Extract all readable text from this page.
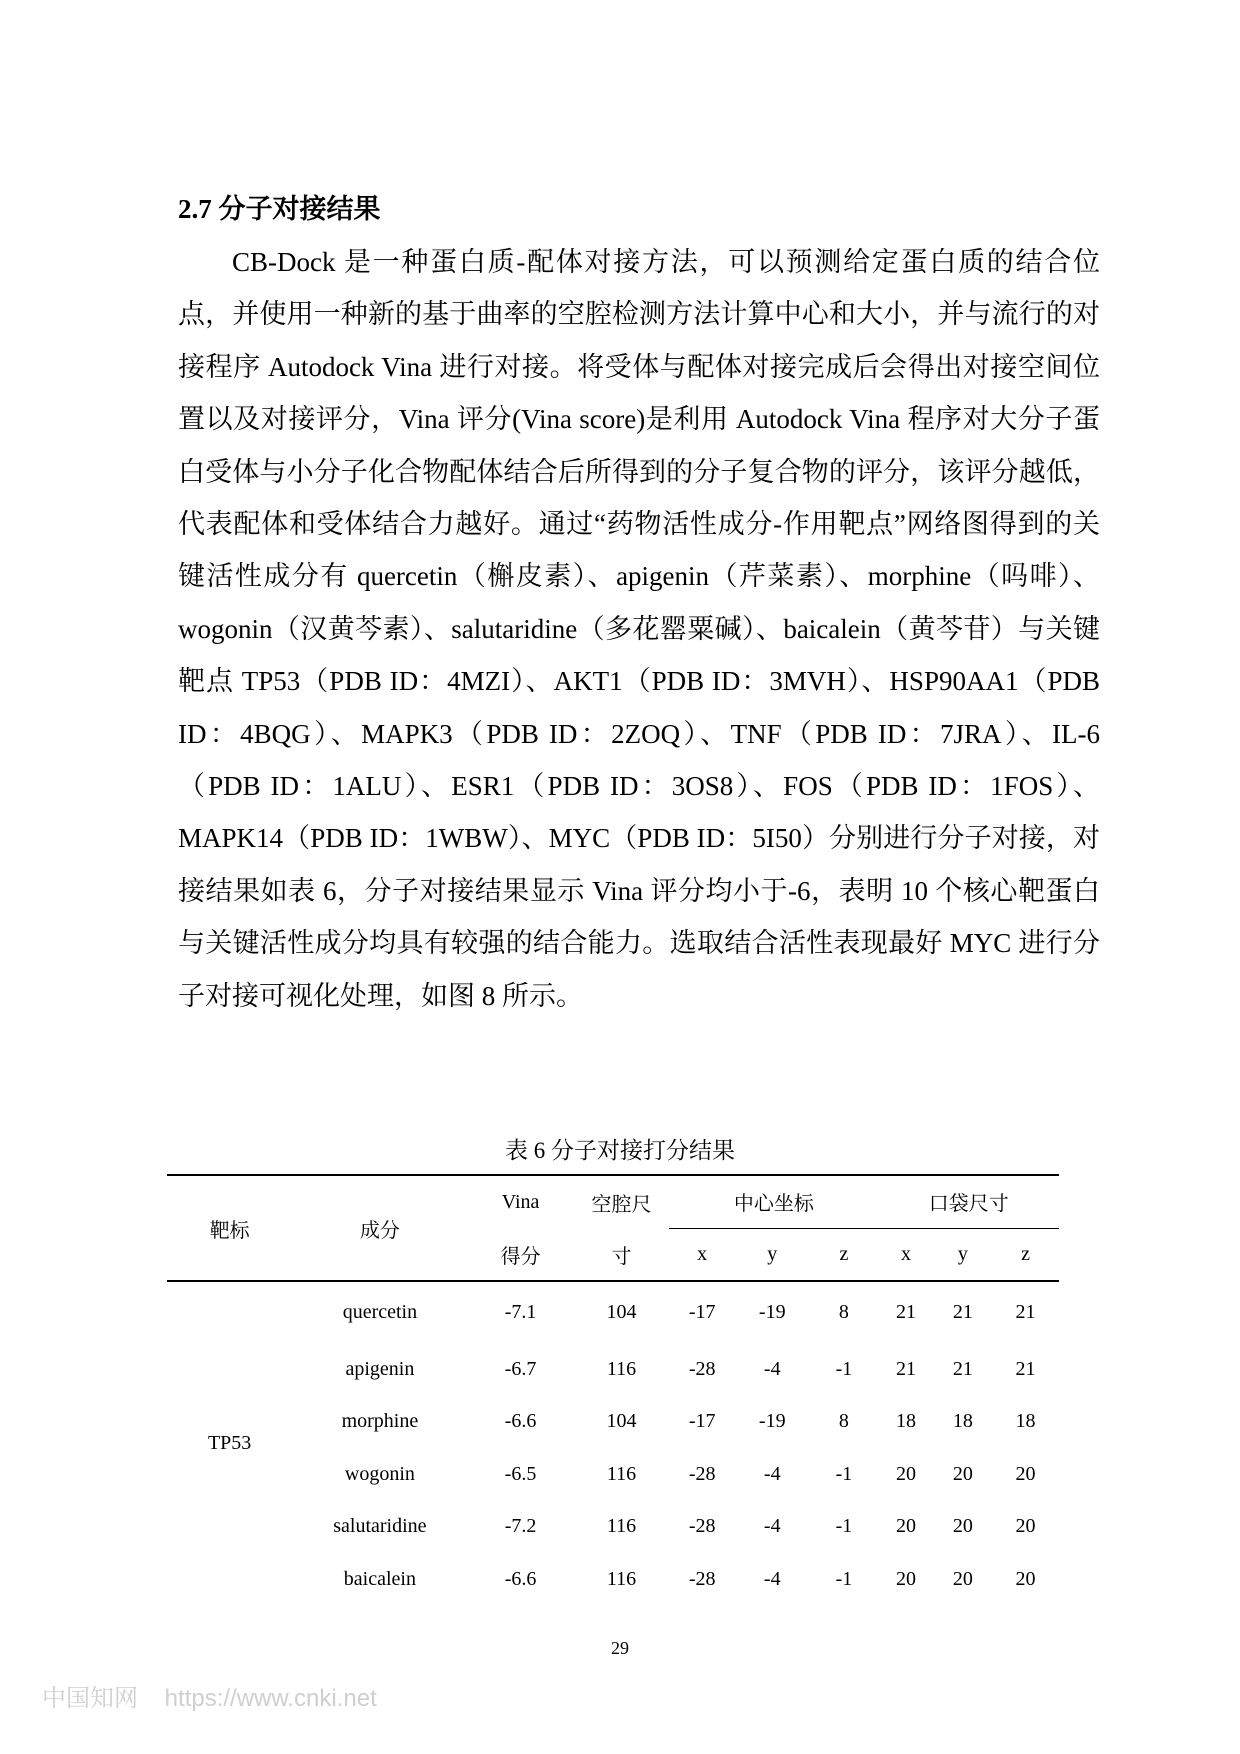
2.7 分子对接结果

CB-Dock 是一种蛋白质-配体对接方法，可以预测给定蛋白质的结合位点，并使用一种新的基于曲率的空腔检测方法计算中心和大小，并与流行的对接程序 Autodock Vina 进行对接。将受体与配体对接完成后会得出对接空间位置以及对接评分，Vina 评分(Vina score)是利用 Autodock Vina 程序对大分子蛋白受体与小分子化合物配体结合后所得到的分子复合物的评分，该评分越低，代表配体和受体结合力越好。通过“药物活性成分-作用靶点”网络图得到的关键活性成分有 quercetin（槲皮素）、apigenin（芹菜素）、morphine（吗啡）、wogonin（汉黄芩素）、salutaridine（多花罂粟碱）、baicalein（黄芩苷）与关键靶点 TP53（PDB ID：4MZI）、AKT1（PDB ID：3MVH）、HSP90AA1（PDB ID：4BQG）、MAPK3（PDB ID：2ZOQ）、TNF（PDB ID：7JRA）、IL-6（PDB ID：1ALU）、ESR1（PDB ID：3OS8）、FOS（PDB ID：1FOS）、MAPK14（PDB ID：1WBW）、MYC（PDB ID：5I50）分别进行分子对接，对接结果如表 6，分子对接结果显示 Vina 评分均小于-6，表明 10 个核心靶蛋白与关键活性成分均具有较强的结合能力。选取结合活性表现最好 MYC 进行分子对接可视化处理，如图 8 所示。

表 6 分子对接打分结果
靶标	成分	Vina	空腔尺	中心坐标			口袋尺寸		
		得分	寸	x	y	z	x	y	z
TP53	quercetin	-7.1	104	-17	-19	8	21	21	21
	apigenin	-6.7	116	-28	-4	-1	21	21	21
	morphine	-6.6	104	-17	-19	8	18	18	18
	wogonin	-6.5	116	-28	-4	-1	20	20	20
	salutaridine	-7.2	116	-28	-4	-1	20	20	20
	baicalein	-6.6	116	-28	-4	-1	20	20	20
29
中国知网 https://www.cnki.net
